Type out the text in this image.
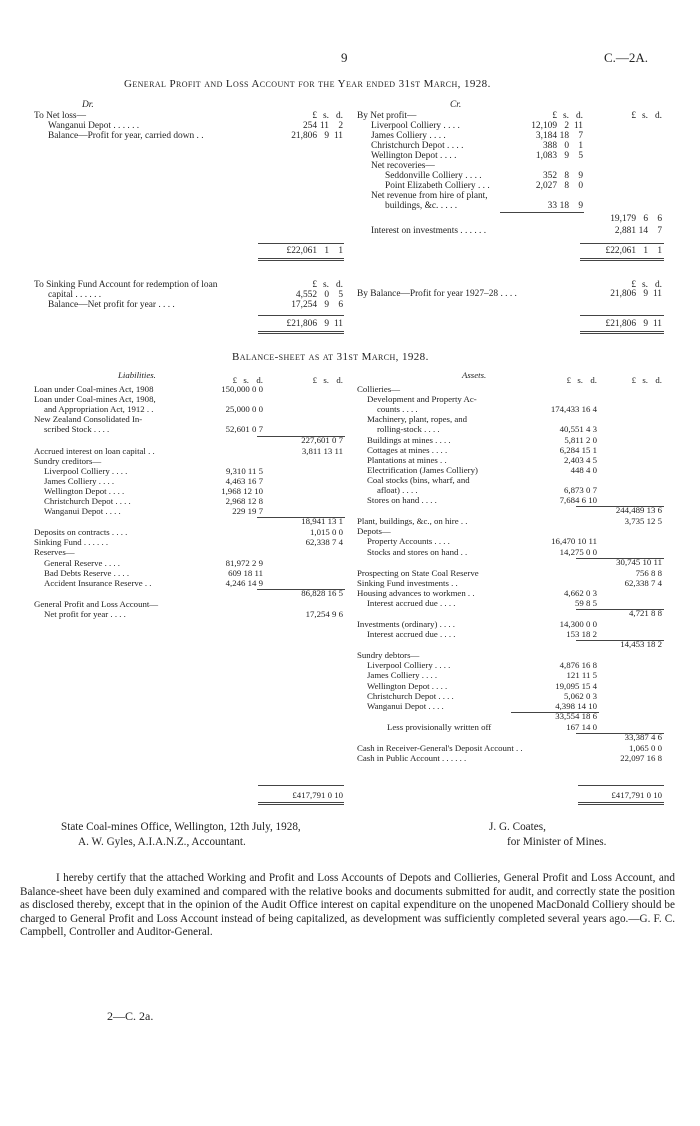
9	C.—2A.
General Profit and Loss Account for the Year ended 31st March, 1928.
Dr.	Cr.
£ s. d.	£ s. d.	£ s. d.
To Net loss—
Wanganui Depot . . . . . .	254 11 2
Balance—Profit for year, carried down . .	21,806 9 11
£22,061 1 1
By Net profit—
Liverpool Colliery . . . .	12,109 2 11
James Colliery . . . .	3,184 18 7
Christchurch Depot . . . .	388 0 1
Wellington Depot . . . .	1,083 9 5
Net recoveries—
Seddonville Colliery . . . .	352 8 9
Point Elizabeth Colliery . . .	2,027 8 0
Net revenue from hire of plant,
buildings, &c. . . . .	33 18 9
19,179 6 6
Interest on investments . . . . . .	2,881 14 7
£22,061 1 1
£ s. d.	£ s. d.
To Sinking Fund Account for redemption of loan
capital . . . . . .	4,552 0 5
Balance—Net profit for year . . . .	17,254 9 6
£21,806 9 11
By Balance—Profit for year 1927–28 . . . .	21,806 9 11
£21,806 9 11
Balance-sheet as at 31st March, 1928.
Liabilities.	Assets.
£ s. d.	£ s. d.	£ s. d.	£ s. d.
Loan under Coal-mines Act, 1908	150,000 0 0
Loan under Coal-mines Act, 1908,
and Appropriation Act, 1912 . .	25,000 0 0
New Zealand Consolidated In-
scribed Stock . . . .	52,601 0 7
227,601 0 7
Accrued interest on loan capital . .	3,811 13 11
Sundry creditors—
Liverpool Colliery . . . .	9,310 11 5
James Colliery . . . .	4,463 16 7
Wellington Depot . . . .	1,968 12 10
Christchurch Depot . . . .	2,968 12 8
Wanganui Depot . . . .	229 19 7
18,941 13 1
Deposits on contracts . . . .	1,015 0 0
Sinking Fund . . . . . .	62,338 7 4
Reserves—
General Reserve . . . .	81,972 2 9
Bad Debts Reserve . . . .	609 18 11
Accident Insurance Reserve . .	4,246 14 9
86,828 16 5
General Profit and Loss Account—
Net profit for year . . . .	17,254 9 6
Collieries—
Development and Property Ac-
counts . . . .	174,433 16 4
Machinery, plant, ropes, and
rolling-stock . . . .	40,551 4 3
Buildings at mines . . . .	5,811 2 0
Cottages at mines . . . .	6,284 15 1
Plantations at mines . .	2,403 4 5
Electrification (James Colliery)	448 4 0
Coal stocks (bins, wharf, and
afloat) . . . .	6,873 0 7
Stores on hand . . . .	7,684 6 10
244,489 13 6
Plant, buildings, &c., on hire . .	3,735 12 5
Depots—
Property Accounts . . . .	16,470 10 11
Stocks and stores on hand . .	14,275 0 0
30,745 10 11
Prospecting on State Coal Reserve	756 8 8
Sinking Fund investments . .	62,338 7 4
Housing advances to workmen . .	4,662 0 3
Interest accrued due . . . .	59 8 5
4,721 8 8
Investments (ordinary) . . . .	14,300 0 0
Interest accrued due . . . .	153 18 2
14,453 18 2
Sundry debtors—
Liverpool Colliery . . . .	4,876 16 8
James Colliery . . . .	121 11 5
Wellington Depot . . . .	19,095 15 4
Christchurch Depot . . . .	5,062 0 3
Wanganui Depot . . . .	4,398 14 10
33,554 18 6
Less provisionally written off	167 14 0
33,387 4 6
Cash in Receiver-General's Deposit Account . .	1,065 0 0
Cash in Public Account . . . . . .	22,097 16 8
£417,791 0 10	£417,791 0 10
State Coal-mines Office, Wellington, 12th July, 1928,
A. W. Gyles, A.I.A.N.Z., Accountant.
J. G. Coates,
for Minister of Mines.

I hereby certify that the attached Working and Profit and Loss Accounts of Depots and Collieries, General Profit and Loss Account, and Balance-sheet have been duly examined and compared with the relative books and documents submitted for audit, and correctly state the position as disclosed thereby, except that in the opinion of the Audit Office interest on capital expenditure on the unopened MacDonald Colliery should be charged to General Profit and Loss Account instead of being capitalized, as development was sufficiently completed several years ago.—G. F. C. Campbell, Controller and Auditor-General.

2—C. 2a.
